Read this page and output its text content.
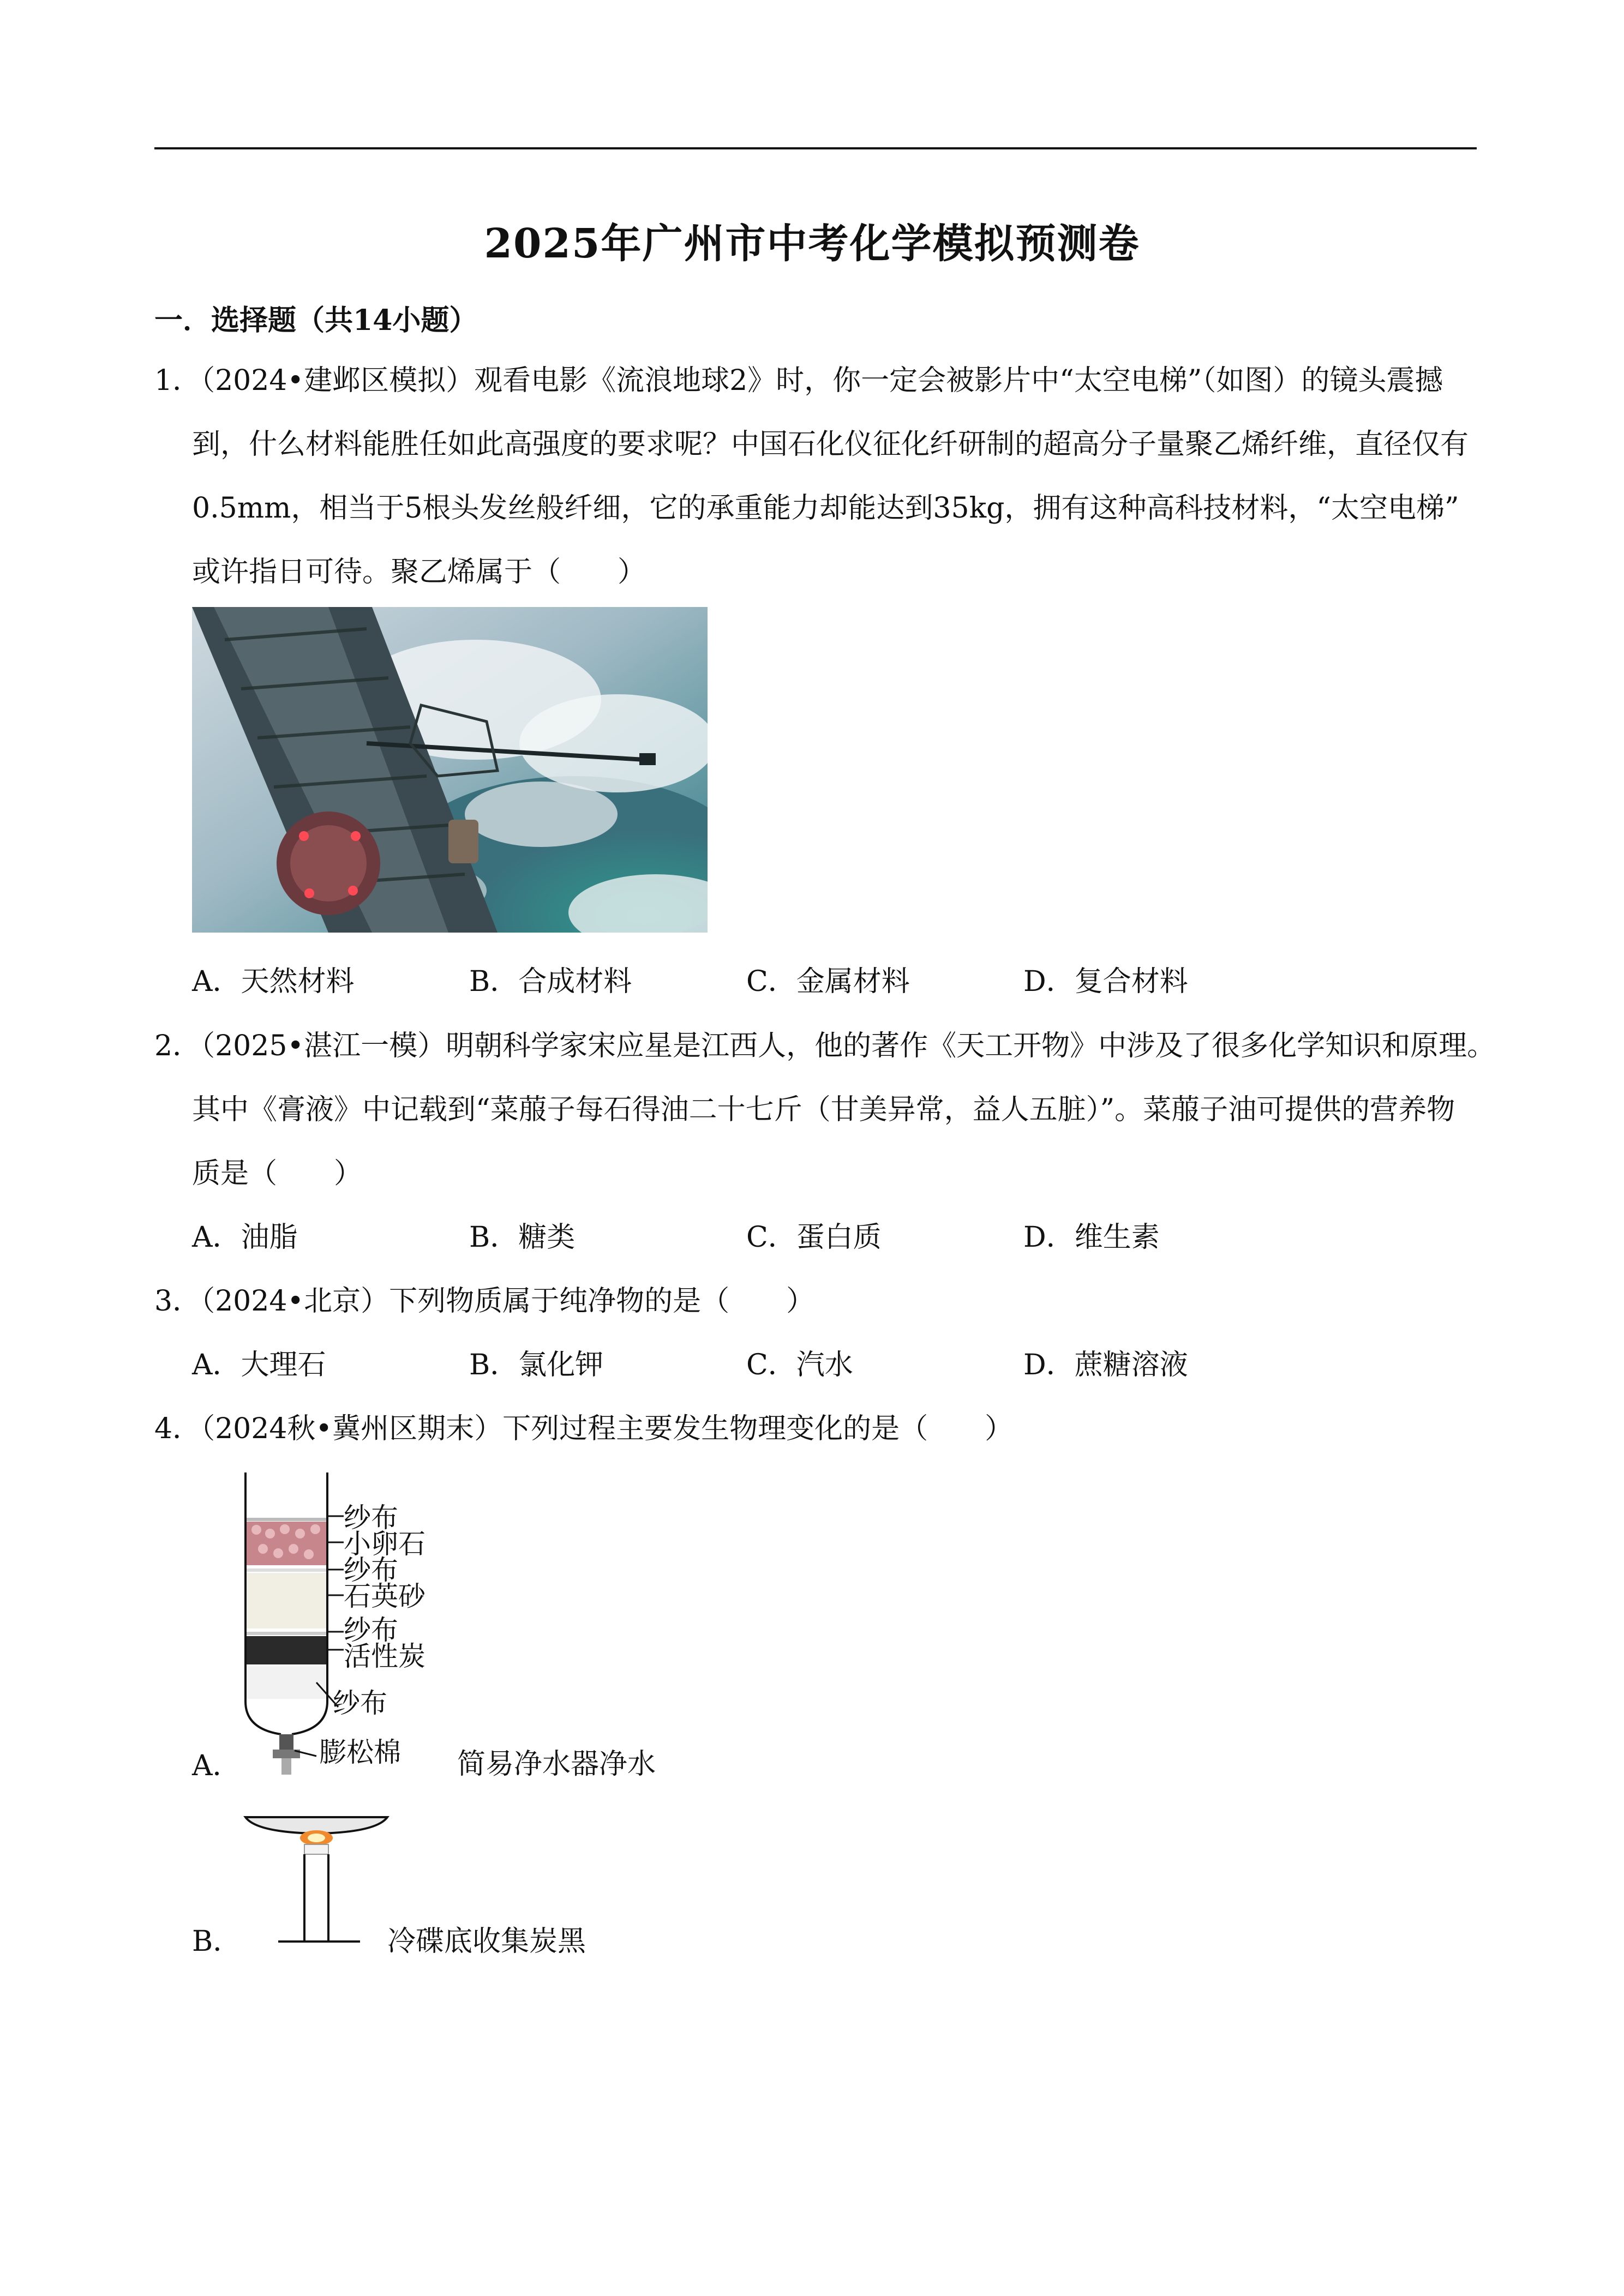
2025年广州市中考化学模拟预测卷
一．选择题（共14小题）
1．（2024•建邺区模拟）观看电影《流浪地球2》时，你一定会被影片中“太空电梯”（如图）的镜头震撼
到，什么材料能胜任如此高强度的要求呢？中国石化仪征化纤研制的超高分子量聚乙烯纤维，直径仅有
0.5mm，相当于5根头发丝般纤细，它的承重能力却能达到35kg，拥有这种高科技材料，“太空电梯”
或许指日可待。聚乙烯属于（　　）
A．天然材料	B．合成材料	C．金属材料	D．复合材料
2．（2025•湛江一模）明朝科学家宋应星是江西人，他的著作《天工开物》中涉及了很多化学知识和原理。
其中《膏液》中记载到“菜菔子每石得油二十七斤（甘美异常，益人五脏）”。菜菔子油可提供的营养物
质是（　　）
A．油脂	B．糖类	C．蛋白质	D．维生素
3．（2024•北京）下列物质属于纯净物的是（　　）
A．大理石	B．氯化钾	C．汽水	D．蔗糖溶液
4．（2024秋•冀州区期末）下列过程主要发生物理变化的是（　　）
纱布
小卵石
纱布
石英砂
纱布
活性炭
纱布
膨松棉
A．	简易净水器净水
B．	冷碟底收集炭黑
